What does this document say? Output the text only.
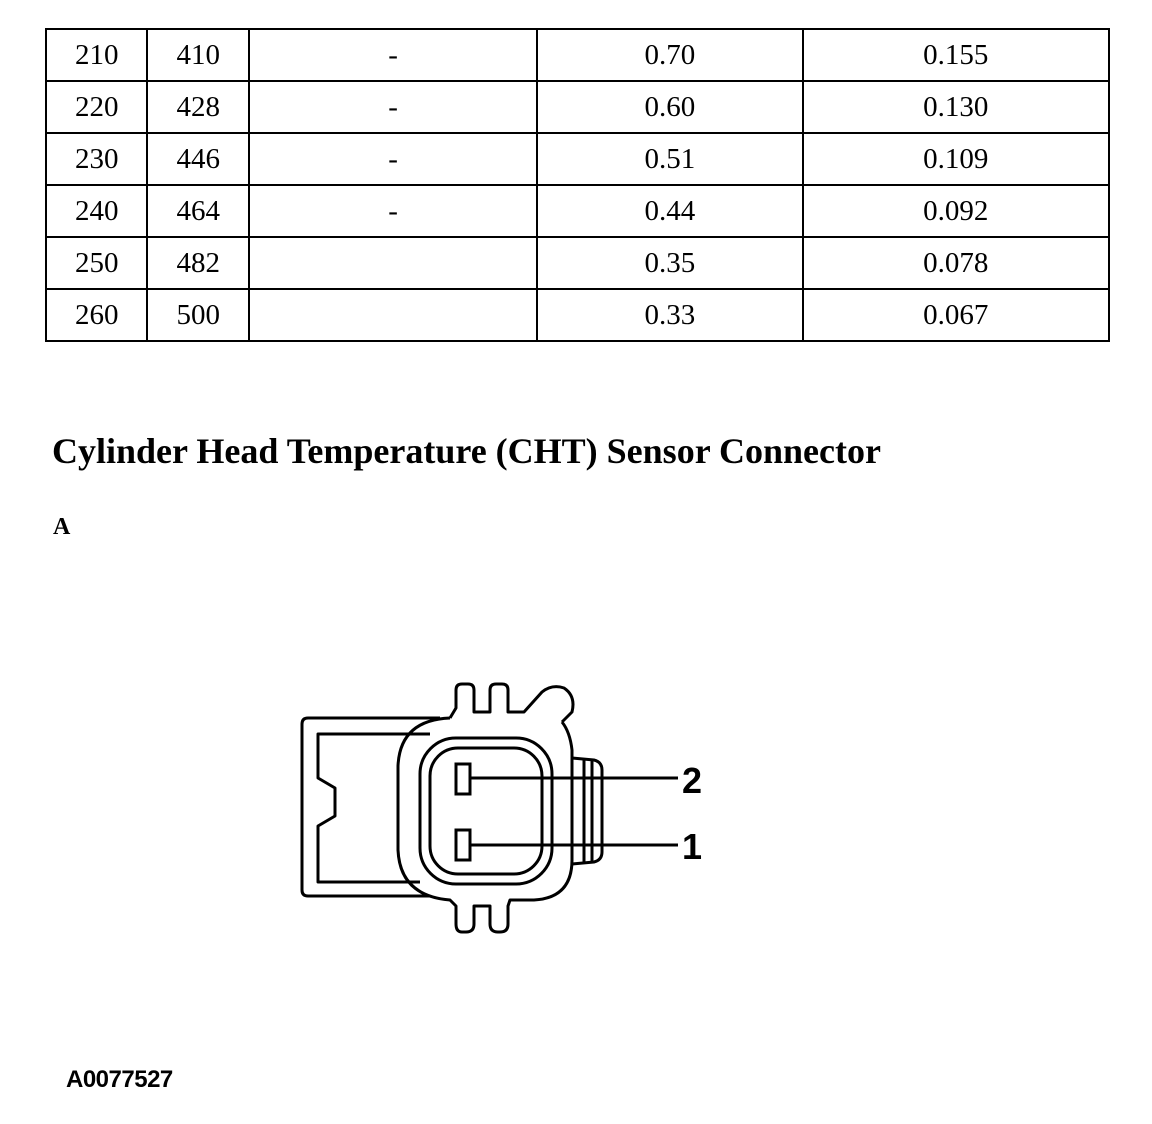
210	410	-	0.70	0.155
220	428	-	0.60	0.130
230	446	-	0.51	0.109
240	464	-	0.44	0.092
250	482		0.35	0.078
260	500		0.33	0.067
Cylinder Head Temperature (CHT) Sensor Connector
A
2
1
A0077527
